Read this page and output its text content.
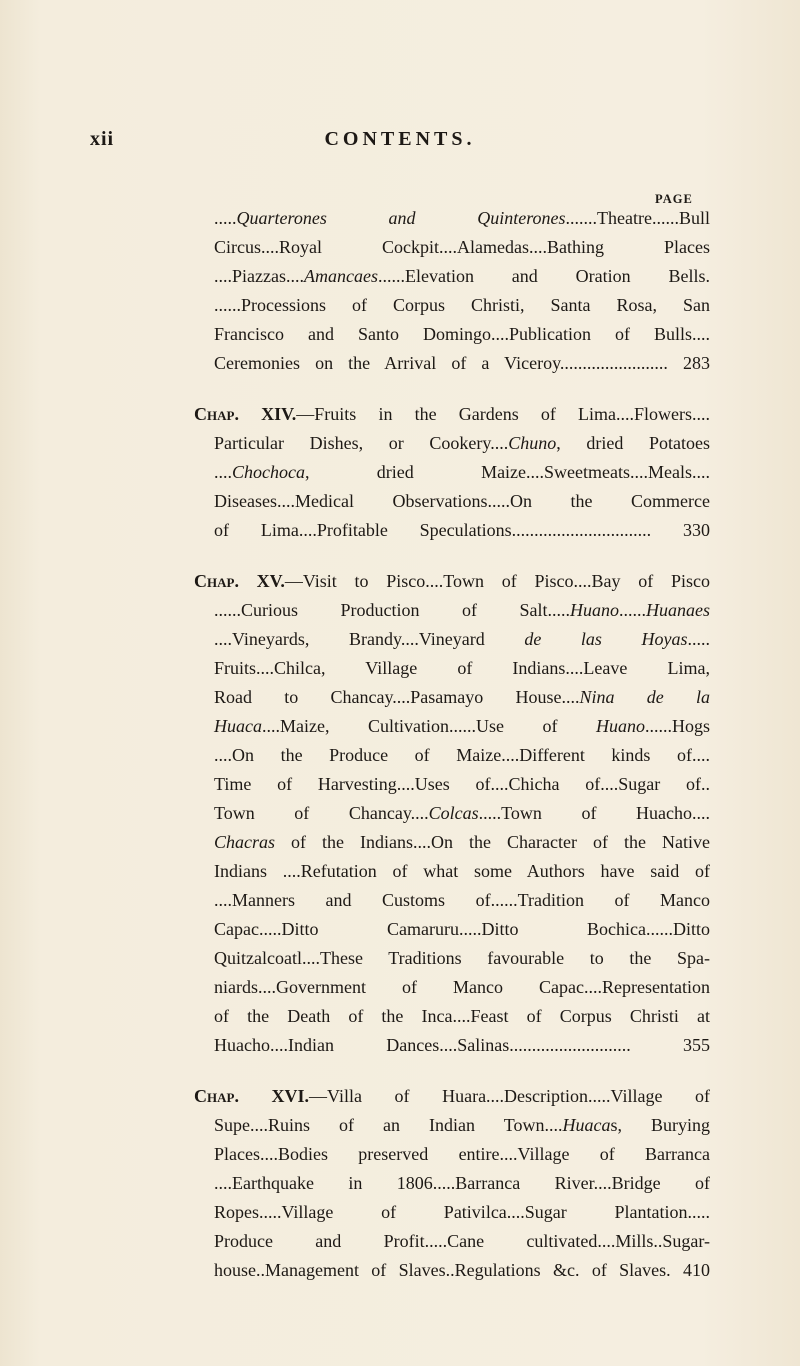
xii	CONTENTS.
PAGE
.....Quarterones and Quinterones.......Theatre......Bull
Circus....Royal Cockpit....Alamedas....Bathing Places
....Piazzas....Amancaes......Elevation and Oration Bells.
......Processions of Corpus Christi, Santa Rosa, San
Francisco and Santo Domingo....Publication of Bulls....
Ceremonies on the Arrival of a Viceroy........................ 283
Chap. XIV.—Fruits in the Gardens of Lima....Flowers....
Particular Dishes, or Cookery....Chuno, dried Potatoes
....Chochoca, dried Maize....Sweetmeats....Meals....
Diseases....Medical Observations.....On the Commerce
of Lima....Profitable Speculations............................... 330
Chap. XV.—Visit to Pisco....Town of Pisco....Bay of Pisco
......Curious Production of Salt.....Huano......Huanaes
....Vineyards, Brandy....Vineyard de las Hoyas.....
Fruits....Chilca, Village of Indians....Leave Lima,
Road to Chancay....Pasamayo House....Nina de la
Huaca....Maize, Cultivation......Use of Huano......Hogs
....On the Produce of Maize....Different kinds of....
Time of Harvesting....Uses of....Chicha of....Sugar of..
Town of Chancay....Colcas.....Town of Huacho....
Chacras of the Indians....On the Character of the Native
Indians ....Refutation of what some Authors have said of
....Manners and Customs of......Tradition of Manco
Capac.....Ditto Camaruru.....Ditto Bochica......Ditto
Quitzalcoatl....These Traditions favourable to the Spa-
niards....Government of Manco Capac....Representation
of the Death of the Inca....Feast of Corpus Christi at
Huacho....Indian Dances....Salinas...........................	355
Chap. XVI.—Villa of Huara....Description.....Village of
Supe....Ruins of an Indian Town....Huacas, Burying
Places....Bodies preserved entire....Village of Barranca
....Earthquake in 1806.....Barranca River....Bridge of
Ropes.....Village of Pativilca....Sugar Plantation.....
Produce and Profit.....Cane cultivated....Mills..Sugar-
house..Management of Slaves..Regulations &c. of Slaves. 410
